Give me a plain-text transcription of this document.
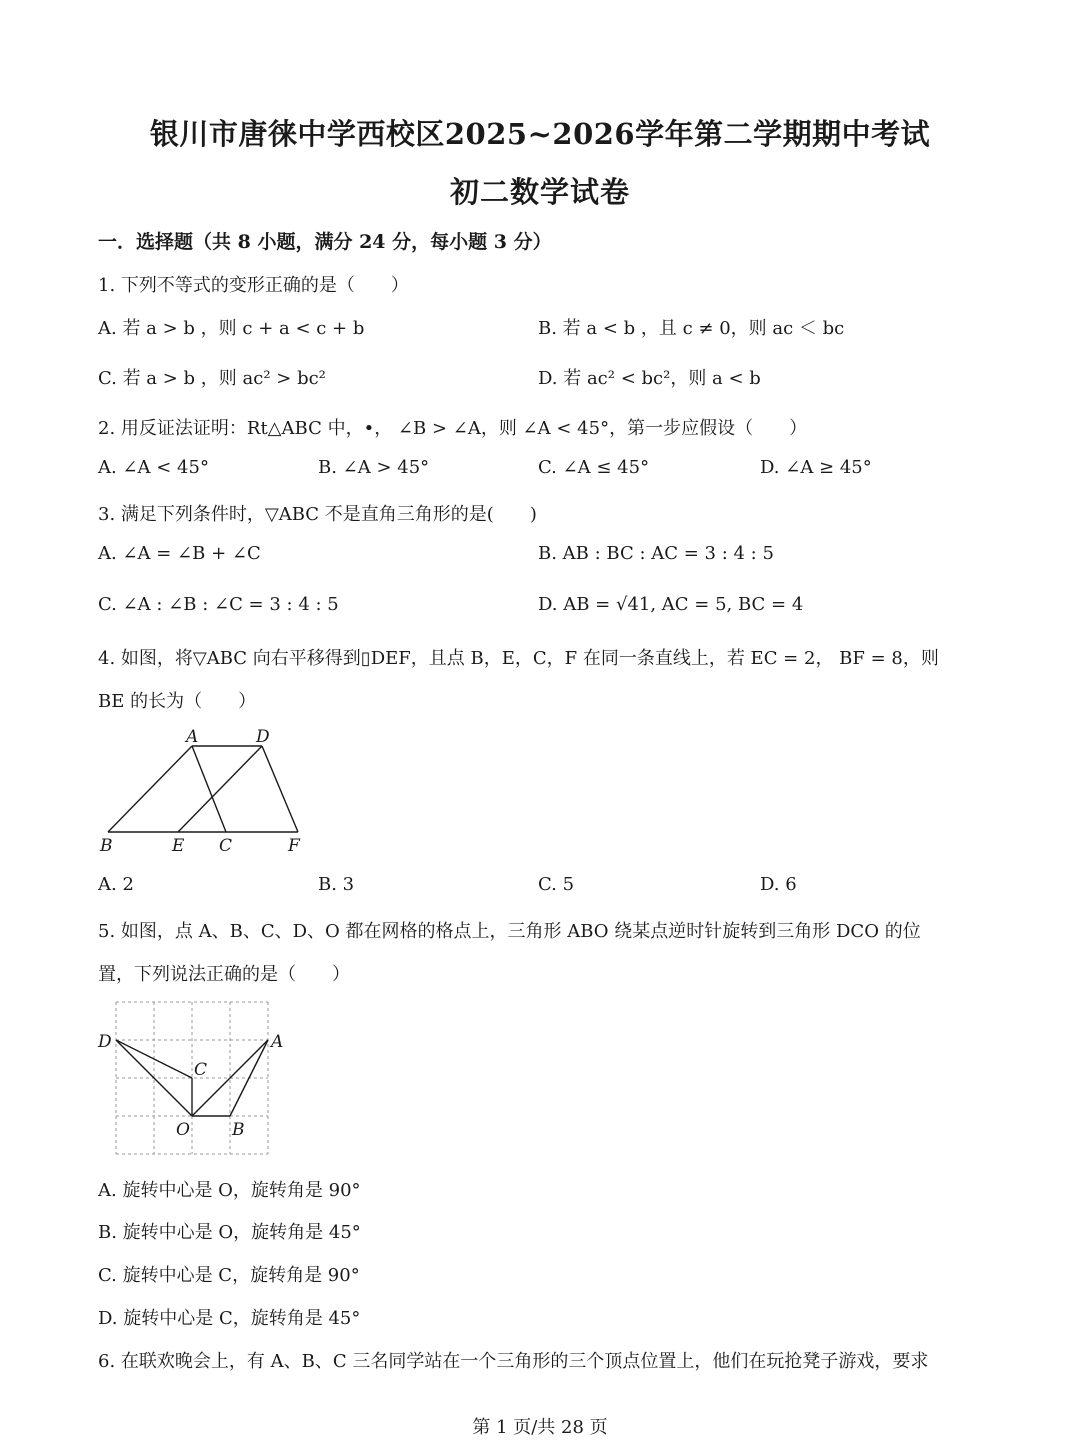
银川市唐徕中学西校区2025~2026学年第二学期期中考试
初二数学试卷
一．选择题（共 8 小题，满分 24 分，每小题 3 分）
1. 下列不等式的变形正确的是（　　）
A. 若 a > b ，则 c + a < c + b	B. 若 a < b ，且 c ≠ 0，则 ac ＜ bc
C. 若 a > b ，则 ac² > bc²	D. 若 ac² < bc²，则 a < b
2. 用反证法证明：Rt△ABC 中，•， ∠B > ∠A，则 ∠A < 45°，第一步应假设（　　）
A. ∠A < 45°	B. ∠A > 45°	C. ∠A ≤ 45°	D. ∠A ≥ 45°
3. 满足下列条件时，▽ABC 不是直角三角形的是(　　)
A. ∠A = ∠B + ∠C	B. AB : BC : AC = 3 : 4 : 5
C. ∠A : ∠B : ∠C = 3 : 4 : 5	D. AB = √41, AC = 5, BC = 4
4. 如图，将▽ABC 向右平移得到▯DEF，且点 B，E，C，F 在同一条直线上，若 EC = 2， BF = 8，则
BE 的长为（　　）
A	D
B	E C	F
A. 2	B. 3	C. 5	D. 6
5. 如图，点 A、B、C、D、O 都在网格的格点上，三角形 ABO 绕某点逆时针旋转到三角形 DCO 的位
置，下列说法正确的是（　　）
D	A
C
O B
A. 旋转中心是 O，旋转角是 90°
B. 旋转中心是 O，旋转角是 45°
C. 旋转中心是 C，旋转角是 90°
D. 旋转中心是 C，旋转角是 45°
6. 在联欢晚会上，有 A、B、C 三名同学站在一个三角形的三个顶点位置上，他们在玩抢凳子游戏，要求
第 1 页/共 28 页
